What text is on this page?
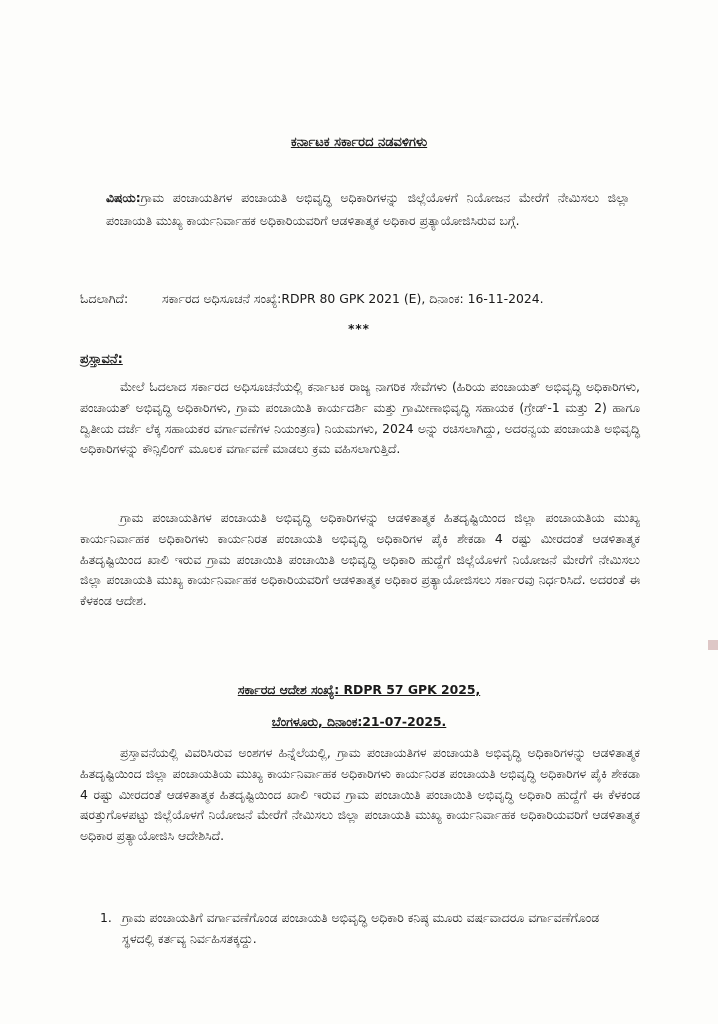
ಕರ್ನಾಟಕ ಸರ್ಕಾರದ ನಡವಳಿಗಳು
ವಿಷಯ:ಗ್ರಾಮ ಪಂಚಾಯತಿಗಳ ಪಂಚಾಯತಿ ಅಭಿವೃದ್ಧಿ ಅಧಿಕಾರಿಗಳನ್ನು ಜಿಲ್ಲೆಯೊಳಗೆ ನಿಯೋಜನ ಮೇರೆಗೆ ನೇಮಿಸಲು ಜಿಲ್ಲಾ ಪಂಚಾಯತಿ ಮುಖ್ಯ ಕಾರ್ಯನಿರ್ವಾಹಕ ಅಧಿಕಾರಿಯವರಿಗೆ ಆಡಳಿತಾತ್ಮಕ ಅಧಿಕಾರ ಪ್ರತ್ಯಾಯೋಜಿಸಿರುವ ಬಗ್ಗೆ.
ಓದಲಾಗಿದೆ:	ಸರ್ಕಾರದ ಅಧಿಸೂಚನೆ ಸಂಖ್ಯೆ:RDPR 80 GPK 2021 (E), ದಿನಾಂಕ: 16-11-2024.
***
ಪ್ರಸ್ತಾವನೆ:
ಮೇಲೆ ಓದಲಾದ ಸರ್ಕಾರದ ಅಧಿಸೂಚನೆಯಲ್ಲಿ ಕರ್ನಾಟಕ ರಾಜ್ಯ ನಾಗರಿಕ ಸೇವೆಗಳು (ಹಿರಿಯ ಪಂಚಾಯತ್ ಅಭಿವೃದ್ಧಿ ಅಧಿಕಾರಿಗಳು, ಪಂಚಾಯತ್ ಅಭಿವೃದ್ಧಿ ಅಧಿಕಾರಿಗಳು, ಗ್ರಾಮ ಪಂಚಾಯಿತಿ ಕಾರ್ಯದರ್ಶಿ ಮತ್ತು ಗ್ರಾಮೀಣಾಭಿವೃದ್ಧಿ ಸಹಾಯಕ (ಗ್ರೇಡ್-1 ಮತ್ತು 2) ಹಾಗೂ ದ್ವಿತೀಯ ದರ್ಜೆ ಲೆಕ್ಕ ಸಹಾಯಕರ ವರ್ಗಾವಣೆಗಳ ನಿಯಂತ್ರಣ) ನಿಯಮಗಳು, 2024 ಅನ್ನು ರಚಿಸಲಾಗಿದ್ದು, ಅದರನ್ವಯ ಪಂಚಾಯತಿ ಅಭಿವೃದ್ಧಿ ಅಧಿಕಾರಿಗಳನ್ನು ಕೌನ್ಸಿಲಿಂಗ್ ಮೂಲಕ ವರ್ಗಾವಣೆ ಮಾಡಲು ಕ್ರಮ ವಹಿಸಲಾಗುತ್ತಿದೆ.
ಗ್ರಾಮ ಪಂಚಾಯತಿಗಳ ಪಂಚಾಯತಿ ಅಭಿವೃದ್ಧಿ ಅಧಿಕಾರಿಗಳನ್ನು ಆಡಳಿತಾತ್ಮಕ ಹಿತದೃಷ್ಟಿಯಿಂದ ಜಿಲ್ಲಾ ಪಂಚಾಯತಿಯ ಮುಖ್ಯ ಕಾರ್ಯನಿರ್ವಾಹಕ ಅಧಿಕಾರಿಗಳು ಕಾರ್ಯನಿರತ ಪಂಚಾಯತಿ ಅಭಿವೃದ್ಧಿ ಅಧಿಕಾರಿಗಳ ಪೈಕಿ ಶೇಕಡಾ 4 ರಷ್ಟು ಮೀರದಂತೆ ಆಡಳಿತಾತ್ಮಕ ಹಿತದೃಷ್ಟಿಯಿಂದ ಖಾಲಿ ಇರುವ ಗ್ರಾಮ ಪಂಚಾಯಿತಿ ಪಂಚಾಯಿತಿ ಅಭಿವೃದ್ಧಿ ಅಧಿಕಾರಿ ಹುದ್ದೆಗೆ ಜಿಲ್ಲೆಯೊಳಗೆ ನಿಯೋಜನೆ ಮೇರೆಗೆ ನೇಮಿಸಲು ಜಿಲ್ಲಾ ಪಂಚಾಯತಿ ಮುಖ್ಯ ಕಾರ್ಯನಿರ್ವಾಹಕ ಅಧಿಕಾರಿಯವರಿಗೆ ಆಡಳಿತಾತ್ಮಕ ಅಧಿಕಾರ ಪ್ರತ್ಯಾಯೋಜಿಸಲು ಸರ್ಕಾರವು ನಿರ್ಧರಿಸಿದೆ. ಅದರಂತೆ ಈ ಕೆಳಕಂಡ ಆದೇಶ.
ಸರ್ಕಾರದ ಆದೇಶ ಸಂಖ್ಯೆ: RDPR 57 GPK 2025,
ಬೆಂಗಳೂರು, ದಿನಾಂಕ:21-07-2025.
ಪ್ರಸ್ತಾವನೆಯಲ್ಲಿ ವಿವರಿಸಿರುವ ಅಂಶಗಳ ಹಿನ್ನೆಲೆಯಲ್ಲಿ, ಗ್ರಾಮ ಪಂಚಾಯತಿಗಳ ಪಂಚಾಯತಿ ಅಭಿವೃದ್ಧಿ ಅಧಿಕಾರಿಗಳನ್ನು ಆಡಳಿತಾತ್ಮಕ ಹಿತದೃಷ್ಟಿಯಿಂದ ಜಿಲ್ಲಾ ಪಂಚಾಯತಿಯ ಮುಖ್ಯ ಕಾರ್ಯನಿರ್ವಾಹಕ ಅಧಿಕಾರಿಗಳು ಕಾರ್ಯನಿರತ ಪಂಚಾಯತಿ ಅಭಿವೃದ್ಧಿ ಅಧಿಕಾರಿಗಳ ಪೈಕಿ ಶೇಕಡಾ 4 ರಷ್ಟು ಮೀರದಂತೆ ಆಡಳಿತಾತ್ಮಕ ಹಿತದೃಷ್ಟಿಯಿಂದ ಖಾಲಿ ಇರುವ ಗ್ರಾಮ ಪಂಚಾಯಿತಿ ಪಂಚಾಯಿತಿ ಅಭಿವೃದ್ಧಿ ಅಧಿಕಾರಿ ಹುದ್ದೆಗೆ ಈ ಕೆಳಕಂಡ ಷರತ್ತುಗೊಳಪಟ್ಟು ಜಿಲ್ಲೆಯೊಳಗೆ ನಿಯೋಜನೆ ಮೇರೆಗೆ ನೇಮಿಸಲು ಜಿಲ್ಲಾ ಪಂಚಾಯತಿ ಮುಖ್ಯ ಕಾರ್ಯನಿರ್ವಾಹಕ ಅಧಿಕಾರಿಯವರಿಗೆ ಆಡಳಿತಾತ್ಮಕ ಅಧಿಕಾರ ಪ್ರತ್ಯಾಯೋಜಿಸಿ ಆದೇಶಿಸಿದೆ.
1. ಗ್ರಾಮ ಪಂಚಾಯತಿಗೆ ವರ್ಗಾವಣೆಗೊಂಡ ಪಂಚಾಯತಿ ಅಭಿವೃದ್ಧಿ ಅಧಿಕಾರಿ ಕನಿಷ್ಠ ಮೂರು ವರ್ಷವಾದರೂ ವರ್ಗಾವಣೆಗೊಂಡ ಸ್ಥಳದಲ್ಲಿ ಕರ್ತವ್ಯ ನಿರ್ವಹಿಸತಕ್ಕದ್ದು.
